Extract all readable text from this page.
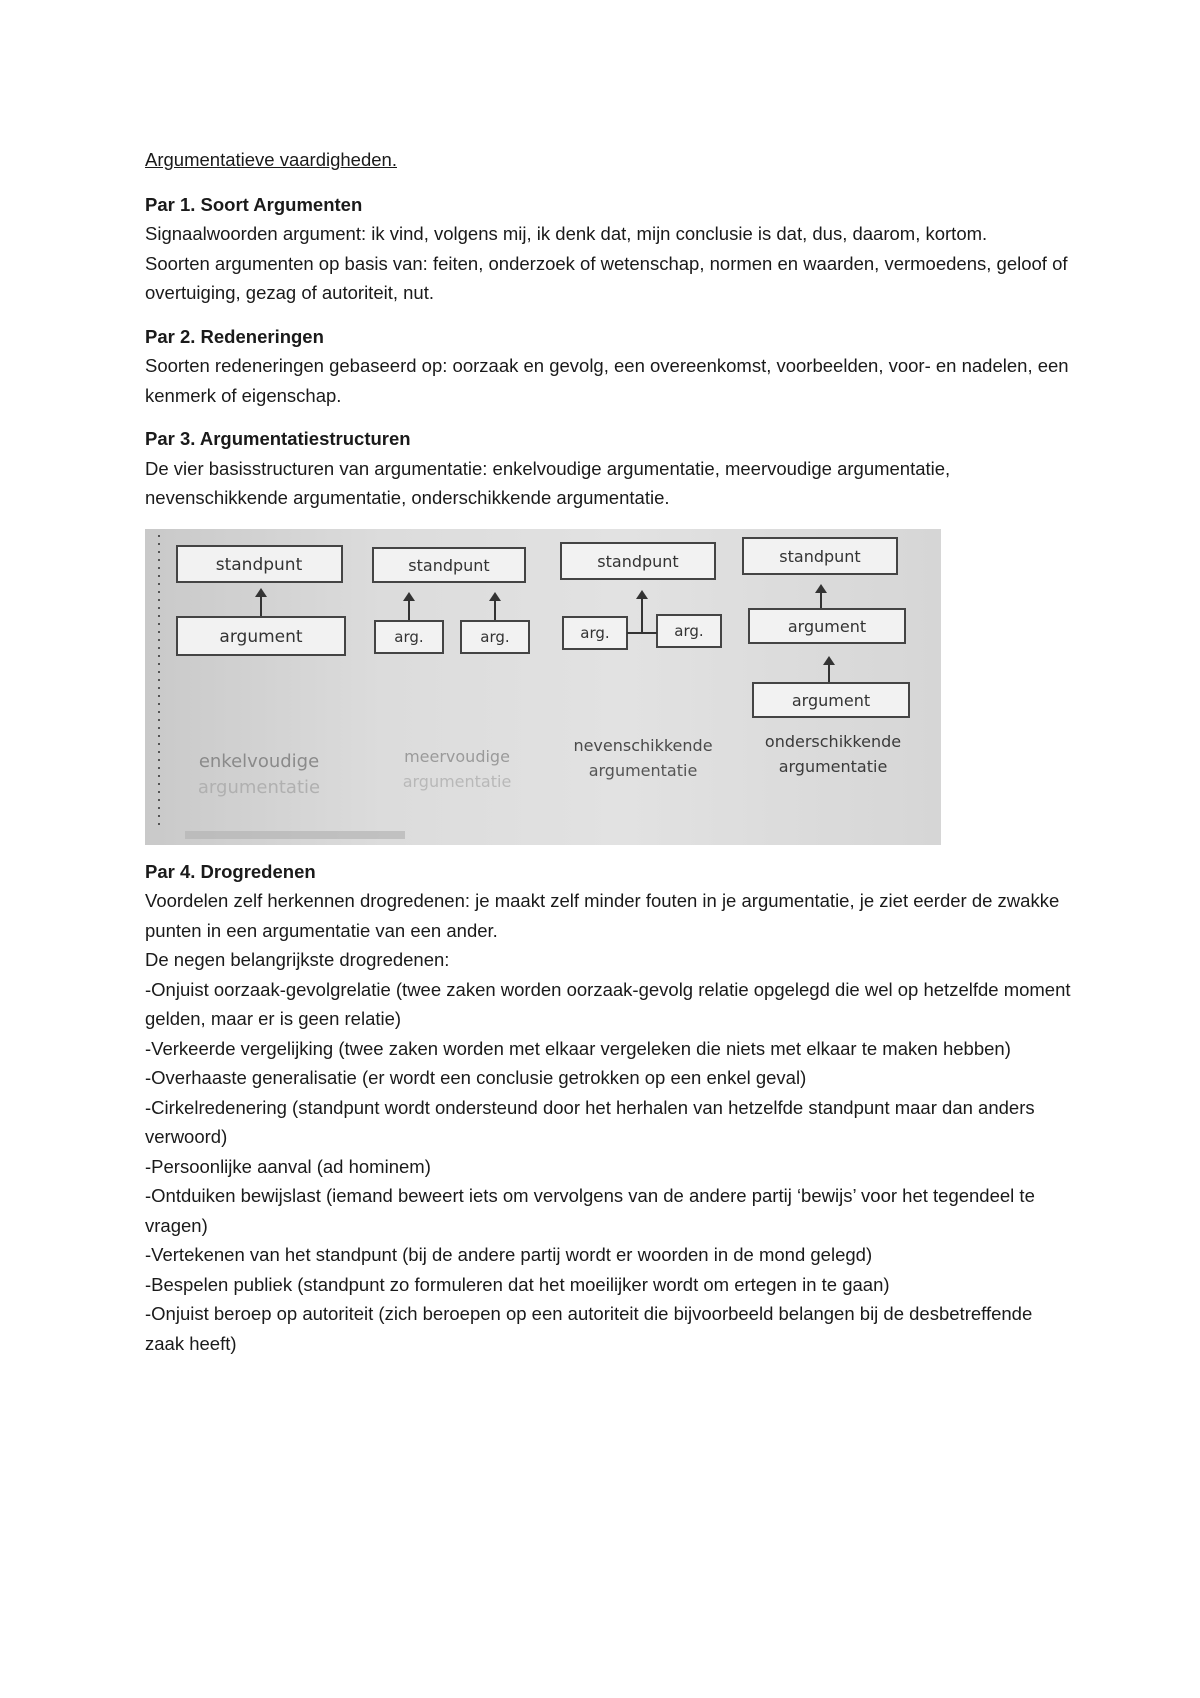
Argumentatieve vaardigheden.
Par 1. Soort Argumenten
Signaalwoorden argument: ik vind, volgens mij, ik denk dat, mijn conclusie is dat, dus, daarom, kortom.
Soorten argumenten op basis van: feiten, onderzoek of wetenschap, normen en waarden, vermoedens, geloof of overtuiging, gezag of autoriteit, nut.
Par 2. Redeneringen
Soorten redeneringen gebaseerd op: oorzaak en gevolg, een overeenkomst, voorbeelden, voor- en nadelen, een kenmerk of eigenschap.
Par 3. Argumentatiestructuren
De vier basisstructuren van argumentatie: enkelvoudige argumentatie, meervoudige argumentatie, nevenschikkende argumentatie, onderschikkende argumentatie.
standpunt
argument
enkelvoudige
argumentatie
standpunt
arg.	arg.
meervoudige
argumentatie
standpunt
arg.	arg.
nevenschikkende
argumentatie
standpunt
argument
argument
onderschikkende
argumentatie
Par 4. Drogredenen
Voordelen zelf herkennen drogredenen: je maakt zelf minder fouten in je argumentatie, je ziet eerder de zwakke punten in een argumentatie van een ander.
De negen belangrijkste drogredenen:
-Onjuist oorzaak-gevolgrelatie (twee zaken worden oorzaak-gevolg relatie opgelegd die wel op hetzelfde moment gelden, maar er is geen relatie)
-Verkeerde vergelijking (twee zaken worden met elkaar vergeleken die niets met elkaar te maken hebben)
-Overhaaste generalisatie (er wordt een conclusie getrokken op een enkel geval)
-Cirkelredenering (standpunt wordt ondersteund door het herhalen van hetzelfde standpunt maar dan anders verwoord)
-Persoonlijke aanval (ad hominem)
-Ontduiken bewijslast (iemand beweert iets om vervolgens van de andere partij ‘bewijs’ voor het tegendeel te vragen)
-Vertekenen van het standpunt (bij de andere partij wordt er woorden in de mond gelegd)
-Bespelen publiek (standpunt zo formuleren dat het moeilijker wordt om ertegen in te gaan)
-Onjuist beroep op autoriteit (zich beroepen op een autoriteit die bijvoorbeeld belangen bij de desbetreffende zaak heeft)
